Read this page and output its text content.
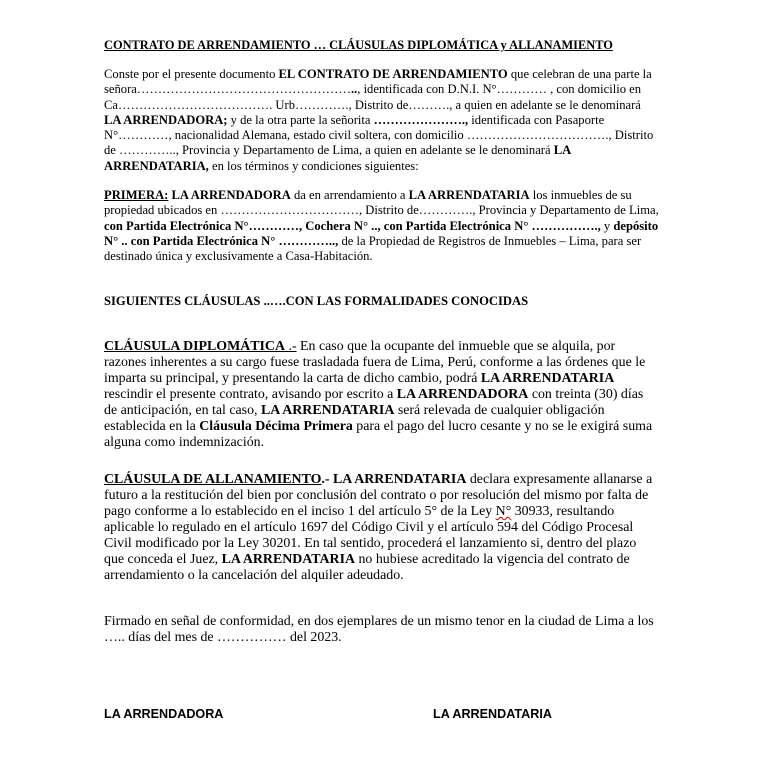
CONTRATO DE ARRENDAMIENTO … CLÁUSULAS DIPLOMÁTICA y ALLANAMIENTO

Conste por el presente documento EL CONTRATO DE ARRENDAMIENTO que celebran de una parte la señora…………………………………………….., identificada con D.N.I. N°………… , con domicilio en Ca………………………………. Urb…………., Distrito de………., a quien en adelante se le denominará LA ARRENDADORA; y de la otra parte la señorita …………………., identificada con Pasaporte N°…………, nacionalidad Alemana, estado civil soltera, con domicilio ……………………………., Distrito de ………….., Provincia y Departamento de Lima, a quien en adelante se le denominará LA ARRENDATARIA, en los términos y condiciones siguientes:

PRIMERA: LA ARRENDADORA da en arrendamiento a LA ARRENDATARIA los inmuebles de su propiedad ubicados en ……………………………, Distrito de…………., Provincia y Departamento de Lima, con Partida Electrónica N°…………, Cochera N° .., con Partida Electrónica N° ……………., y depósito N° .. con Partida Electrónica N° ………….., de la Propiedad de Registros de Inmuebles – Lima, para ser destinado única y exclusivamente a Casa-Habitación.

SIGUIENTES CLÁUSULAS ..….CON LAS FORMALIDADES CONOCIDAS

CLÁUSULA DIPLOMÁTICA .- En caso que la ocupante del inmueble que se alquila, por razones inherentes a su cargo fuese trasladada fuera de Lima, Perú, conforme a las órdenes que le imparta su principal, y presentando la carta de dicho cambio, podrá LA ARRENDATARIA rescindir el presente contrato, avisando por escrito a LA ARRENDADORA con treinta (30) días de anticipación, en tal caso, LA ARRENDATARIA será relevada de cualquier obligación establecida en la Cláusula Décima Primera para el pago del lucro cesante y no se le exigirá suma alguna como indemnización.

CLÁUSULA DE ALLANAMIENTO.- LA ARRENDATARIA declara expresamente allanarse a futuro a la restitución del bien por conclusión del contrato o por resolución del mismo por falta de pago conforme a lo establecido en el inciso 1 del artículo 5° de la Ley N° 30933, resultando aplicable lo regulado en el artículo 1697 del Código Civil y el artículo 594 del Código Procesal Civil modificado por la Ley 30201. En tal sentido, procederá el lanzamiento si, dentro del plazo que conceda el Juez, LA ARRENDATARIA no hubiese acreditado la vigencia del contrato de arrendamiento o la cancelación del alquiler adeudado.

Firmado en señal de conformidad, en dos ejemplares de un mismo tenor en la ciudad de Lima a los ….. días del mes de …………… del 2023.

LA ARRENDADORA	LA ARRENDATARIA
